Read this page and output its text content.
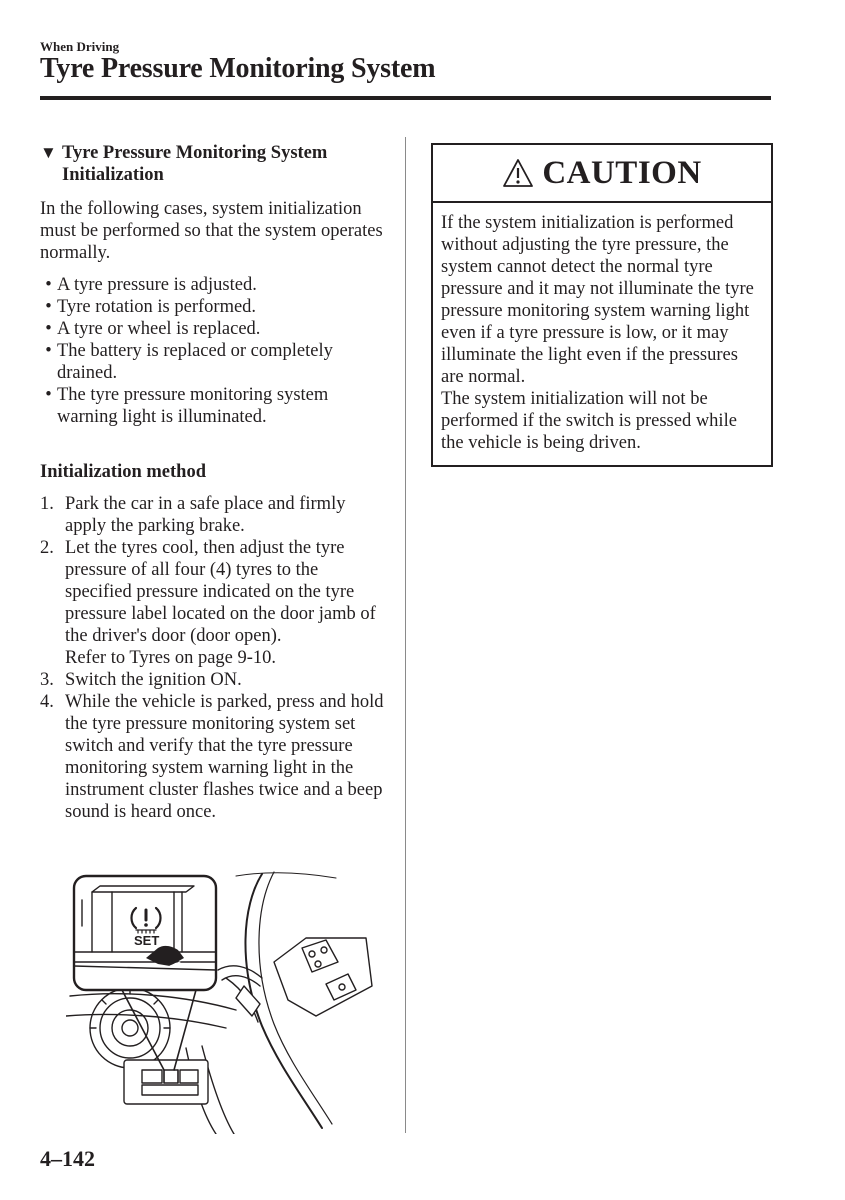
When Driving
Tyre Pressure Monitoring System
▼ Tyre Pressure Monitoring System
Initialization
In the following cases, system initialization must be performed so that the system operates normally.
• A tyre pressure is adjusted.
• Tyre rotation is performed.
• A tyre or wheel is replaced.
• The battery is replaced or completely drained.
• The tyre pressure monitoring system warning light is illuminated.
Initialization method
1. Park the car in a safe place and firmly apply the parking brake.
2. Let the tyres cool, then adjust the tyre pressure of all four (4) tyres to the specified pressure indicated on the tyre pressure label located on the door jamb of the driver's door (door open).
Refer to Tyres on page 9-10.
3. Switch the ignition ON.
4. While the vehicle is parked, press and hold the tyre pressure monitoring system set switch and verify that the tyre pressure monitoring system warning light in the instrument cluster flashes twice and a beep sound is heard once.
SET
CAUTION
If the system initialization is performed without adjusting the tyre pressure, the system cannot detect the normal tyre pressure and it may not illuminate the tyre pressure monitoring system warning light even if a tyre pressure is low, or it may illuminate the light even if the pressures are normal.
The system initialization will not be performed if the switch is pressed while the vehicle is being driven.
4–142
